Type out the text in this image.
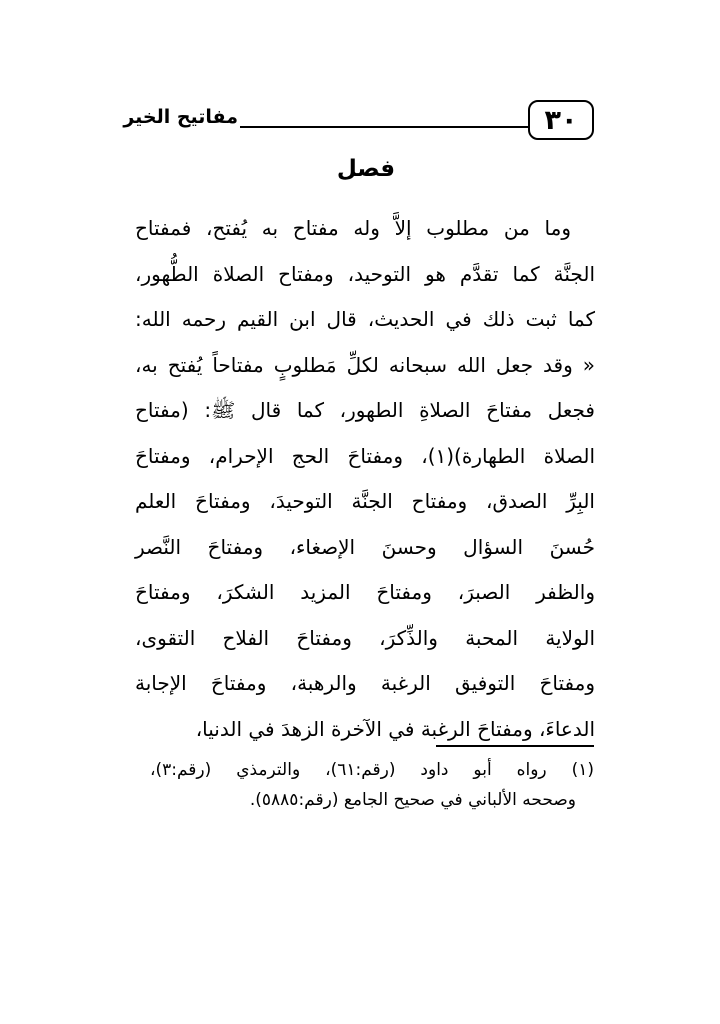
٣٠
مفاتيح الخير
فصل
وما من مطلوب إلاَّ وله مفتاح به يُفتح، فمفتاح
الجنَّة كما تقدَّم هو التوحيد، ومفتاح الصلاة الطُّهور،
كما ثبت ذلك في الحديث، قال ابن القيم رحمه الله:
« وقد جعل الله سبحانه لكلِّ مَطلوبٍ مفتاحاً يُفتح به،
فجعل مفتاحَ الصلاةِ الطهور، كما قال ﷺ: (مفتاح
الصلاة الطهارة)(١)، ومفتاحَ الحج الإحرام، ومفتاحَ
البِرِّ الصدق، ومفتاح الجنَّة التوحيدَ، ومفتاحَ العلم
حُسنَ السؤال وحسنَ الإصغاء، ومفتاحَ النَّصر
والظفر الصبرَ، ومفتاحَ المزيد الشكرَ، ومفتاحَ
الولاية المحبة والذِّكرَ، ومفتاحَ الفلاح التقوى،
ومفتاحَ التوفيق الرغبة والرهبة، ومفتاحَ الإجابة
الدعاءَ، ومفتاحَ الرغبة في الآخرة الزهدَ في الدنيا،
(١) رواه أبو داود (رقم:٦١)، والترمذي (رقم:٣)،
وصححه الألباني في صحيح الجامع (رقم:٥٨٨٥).
